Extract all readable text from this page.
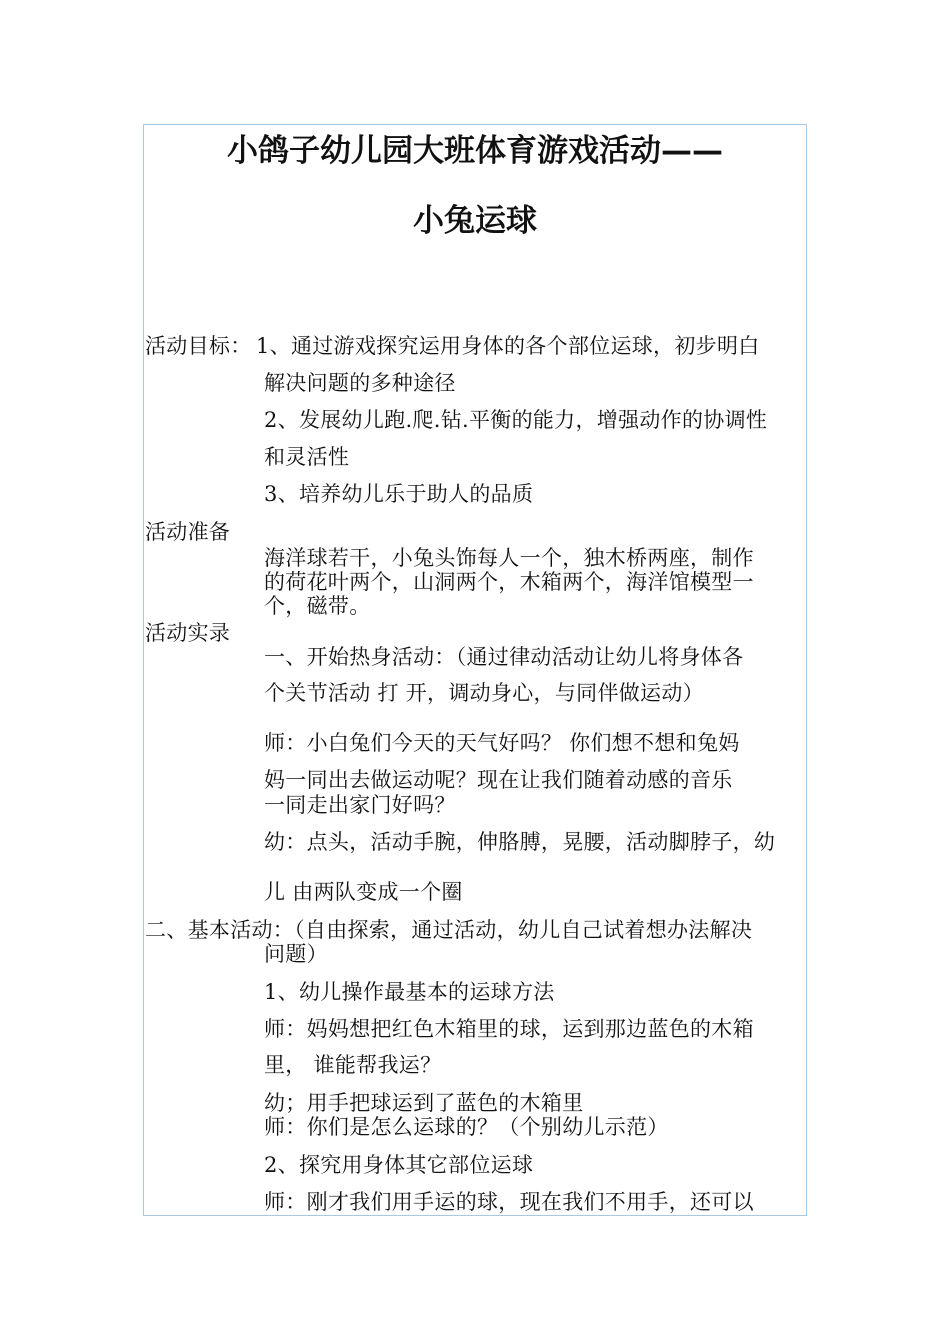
小鸽子幼儿园大班体育游戏活动——
小兔运球
活动目标： 1、通过游戏探究运用身体的各个部位运球，初步明白
解决问题的多种途径
2、发展幼儿跑.爬.钻.平衡的能力，增强动作的协调性
和灵活性
3、培养幼儿乐于助人的品质
活动准备
海洋球若干，小兔头饰每人一个，独木桥两座，制作
的荷花叶两个，山洞两个，木箱两个，海洋馆模型一
个，磁带。
活动实录
一、开始热身活动：（通过律动活动让幼儿将身体各
个关节活动 打 开，调动身心，与同伴做运动）
师：小白兔们今天的天气好吗？ 你们想不想和兔妈
妈一同出去做运动呢？现在让我们随着动感的音乐
一同走出家门好吗？
幼：点头，活动手腕，伸胳膊，晃腰，活动脚脖子，幼
儿 由两队变成一个圈
二、基本活动：（自由探索，通过活动，幼儿自己试着想办法解决
问题）
1、幼儿操作最基本的运球方法
师：妈妈想把红色木箱里的球，运到那边蓝色的木箱
里， 谁能帮我运？
幼；用手把球运到了蓝色的木箱里
师：你们是怎么运球的？（个别幼儿示范）
2、探究用身体其它部位运球
师：刚才我们用手运的球，现在我们不用手，还可以
